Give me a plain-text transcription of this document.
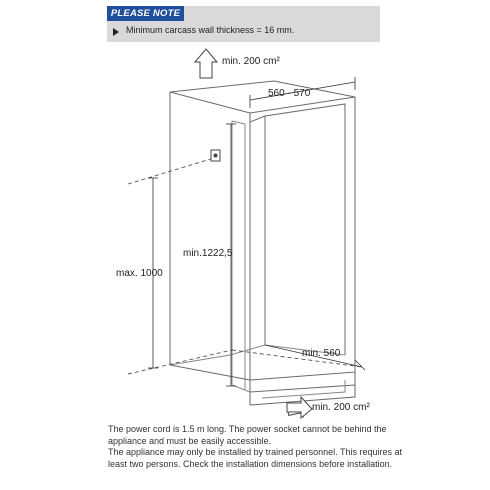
PLEASE NOTE
Minimum carcass wall thickness = 16 mm.
min. 200 cm²
560 - 570
min.1222,5
max. 1000
min. 560
min. 200 cm²

The power cord is 1.5 m long. The power socket cannot be behind the appliance and must be easily accessible.

The appliance may only be installed by trained personnel. This requires at least two persons. Check the installation dimensions before installation.
